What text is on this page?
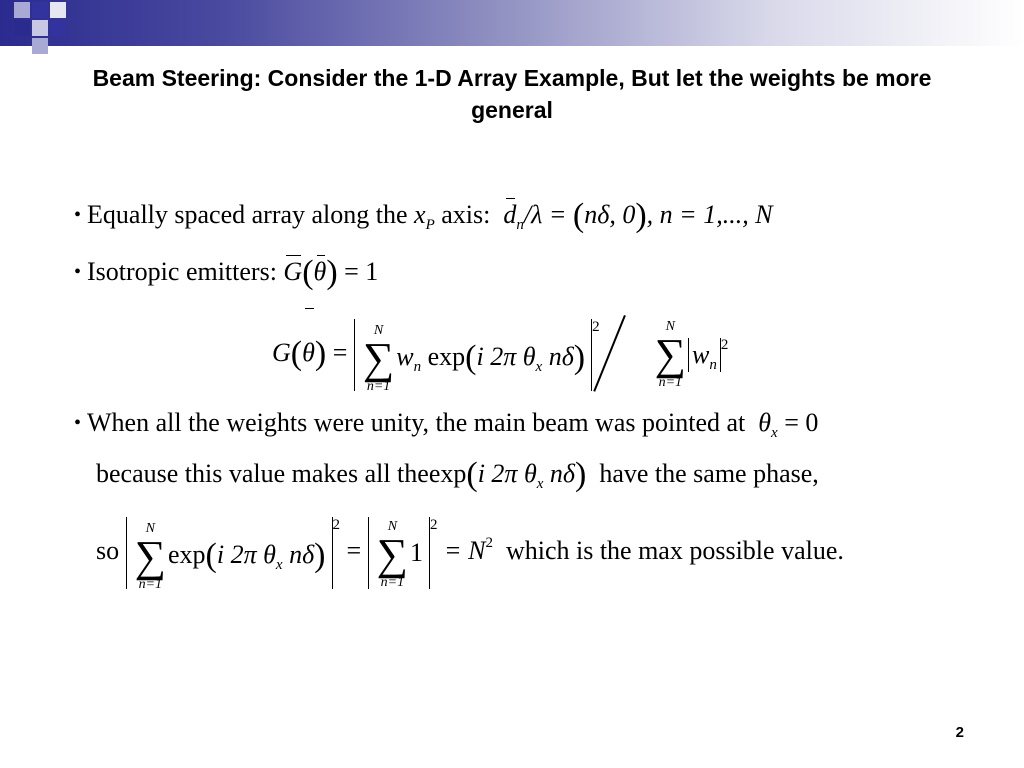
Beam Steering: Consider the 1-D Array Example, But let the weights be more general
• Equally spaced array along the $x_P$ axis: $d_n/\lambda = (n\delta$, 0), n = 1,..., N
• Isotropic emitters: G(θ) = 1
G(θ) =
N
∑
n=1
$w_n$ exp(i 2π $\theta_x$ nδ)$^2$	N
∑
n=1
$w_n^2$
• When all the weights were unity, the main beam was pointed at $\theta_x = 0$
because this value makes all theexp(i 2π $\theta_x$ nδ) have the same phase,
so
N
∑
n=1
exp(i 2π $\theta_x$ nδ)$^2$ =
N
∑
n=1
$1^2 = N^2$ which is the max possible value.
2
